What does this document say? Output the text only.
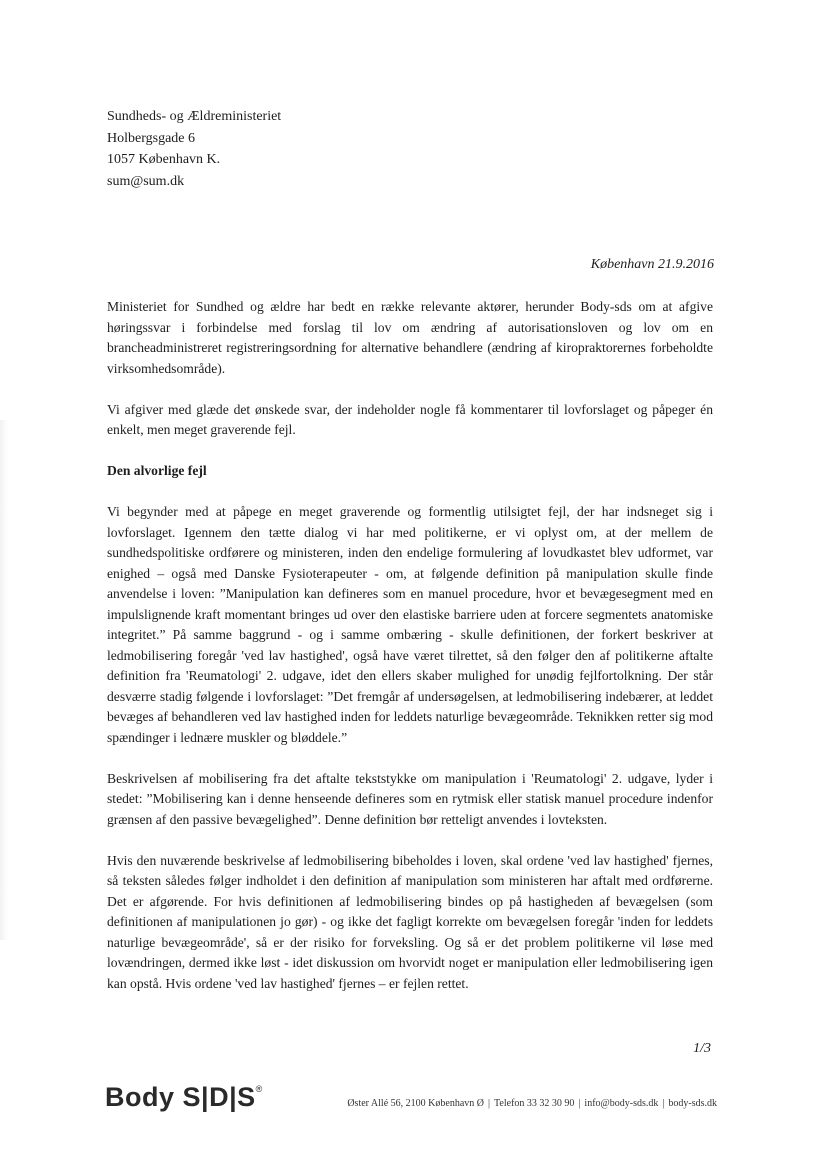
Sundheds- og Ældreministeriet
Holbergsgade 6
1057 København K.
sum@sum.dk
København 21.9.2016

Ministeriet for Sundhed og ældre har bedt en række relevante aktører, herunder Body-sds om at afgive høringssvar i forbindelse med forslag til lov om ændring af autorisationsloven og lov om en brancheadministreret registreringsordning for alternative behandlere (ændring af kiropraktorernes forbeholdte virksomhedsområde).

Vi afgiver med glæde det ønskede svar, der indeholder nogle få kommentarer til lovforslaget og påpeger én enkelt, men meget graverende fejl.

Den alvorlige fejl

Vi begynder med at påpege en meget graverende og formentlig utilsigtet fejl, der har indsneget sig i lovforslaget. Igennem den tætte dialog vi har med politikerne, er vi oplyst om, at der mellem de sundhedspolitiske ordførere og ministeren, inden den endelige formulering af lovudkastet blev udformet, var enighed – også med Danske Fysioterapeuter - om, at følgende definition på manipulation skulle finde anvendelse i loven: ”Manipulation kan defineres som en manuel procedure, hvor et bevægesegment med en impulslignende kraft momentant bringes ud over den elastiske barriere uden at forcere segmentets anatomiske integritet.” På samme baggrund - og i samme ombæring - skulle definitionen, der forkert beskriver at ledmobilisering foregår 'ved lav hastighed', også have været tilrettet, så den følger den af politikerne aftalte definition fra 'Reumatologi' 2. udgave, idet den ellers skaber mulighed for unødig fejlfortolkning. Der står desværre stadig følgende i lovforslaget: ”Det fremgår af undersøgelsen, at ledmobilisering indebærer, at leddet bevæges af behandleren ved lav hastighed inden for leddets naturlige bevægeområde. Teknikken retter sig mod spændinger i lednære muskler og bløddele.”

Beskrivelsen af mobilisering fra det aftalte tekststykke om manipulation i 'Reumatologi' 2. udgave, lyder i stedet: ”Mobilisering kan i denne henseende defineres som en rytmisk eller statisk manuel procedure indenfor grænsen af den passive bevægelighed”. Denne definition bør retteligt anvendes i lovteksten.

Hvis den nuværende beskrivelse af ledmobilisering bibeholdes i loven, skal ordene 'ved lav hastighed' fjernes, så teksten således følger indholdet i den definition af manipulation som ministeren har aftalt med ordførerne. Det er afgørende. For hvis definitionen af ledmobilisering bindes op på hastigheden af bevægelsen (som definitionen af manipulationen jo gør) - og ikke det fagligt korrekte om bevægelsen foregår 'inden for leddets naturlige bevægeområde', så er der risiko for forveksling. Og så er det problem politikerne vil løse med lovændringen, dermed ikke løst - idet diskussion om hvorvidt noget er manipulation eller ledmobilisering igen kan opstå. Hvis ordene 'ved lav hastighed' fjernes – er fejlen rettet.

1/3
Body S|D|S®
Øster Allé 56, 2100 København Ø | Telefon 33 32 30 90 | info@body-sds.dk | body-sds.dk
